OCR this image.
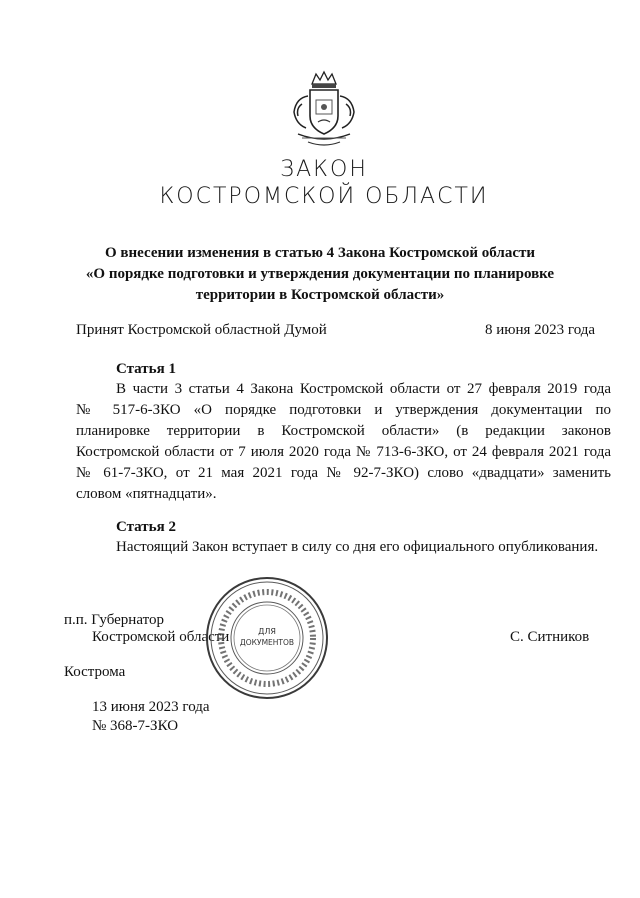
ЗАКОН
КОСТРОМСКОЙ ОБЛАСТИ
О внесении изменения в статью 4 Закона Костромской области
«О порядке подготовки и утверждения документации по планировке
территории в Костромской области»
Принят Костромской областной Думой	8 июня 2023 года
Статья 1
В части 3 статьи 4 Закона Костромской области от 27 февраля 2019 года
№ 517-6-ЗКО «О порядке подготовки и утверждения документации по
планировке территории в Костромской области» (в редакции законов
Костромской области от 7 июля 2020 года № 713-6-ЗКО, от 24 февраля 2021 года
№ 61-7-ЗКО, от 21 мая 2021 года № 92-7-ЗКО) слово «двадцати» заменить
словом «пятнадцати».
Статья 2
Настоящий Закон вступает в силу со дня его официального опубликования.
п.п. Губернатор
Костромской области	С. Ситников
ДЛЯ
ДОКУМЕНТОВ
Кострома
13 июня 2023 года
№ 368-7-ЗКО
